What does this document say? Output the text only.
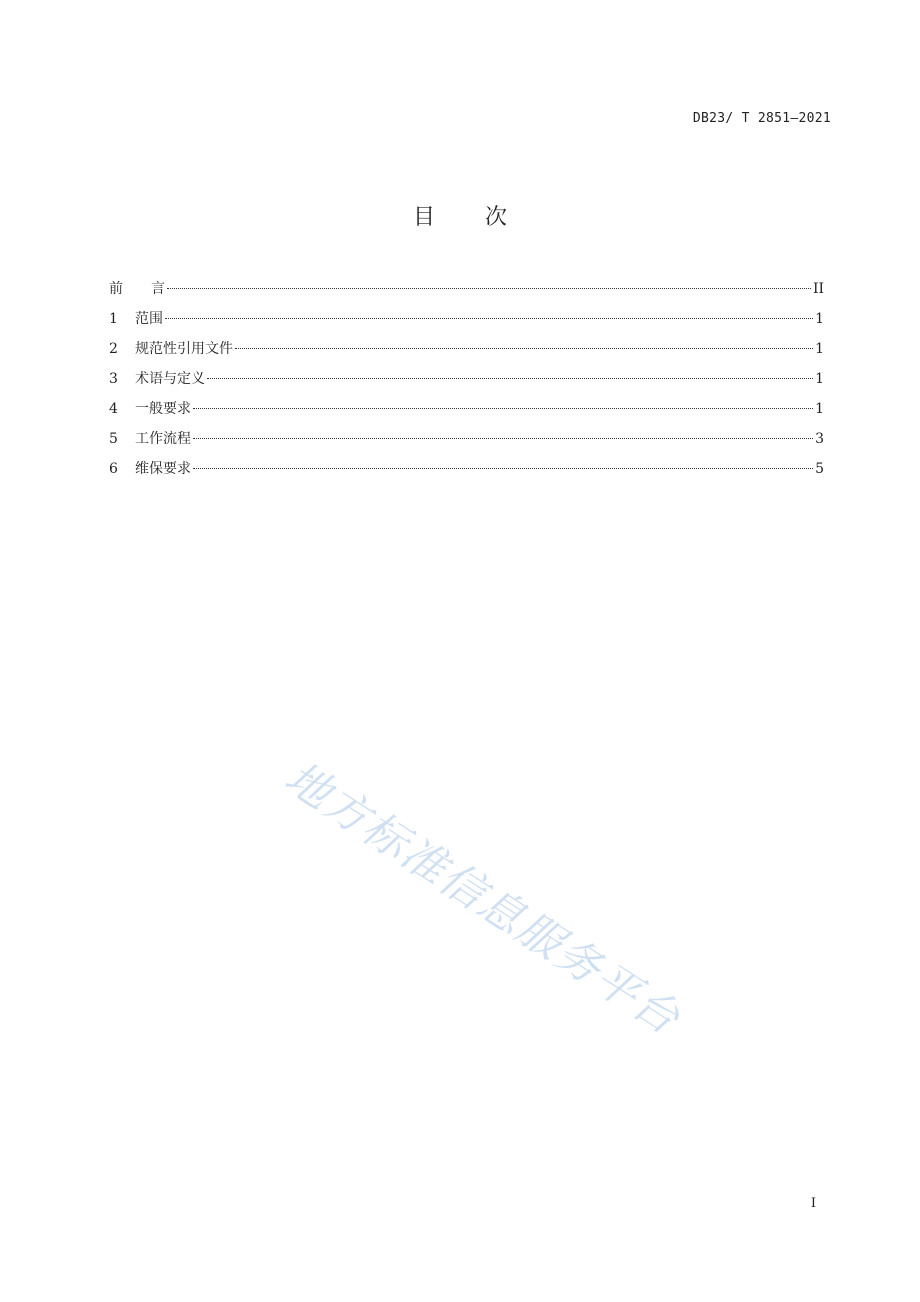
DB23/ T 2851—2021
目 次
前　　言	II
1	范围	1
2	规范性引用文件	1
3	术语与定义	1
4	一般要求	1
5	工作流程	3
6	维保要求	5
地方标准信息服务平台
I
